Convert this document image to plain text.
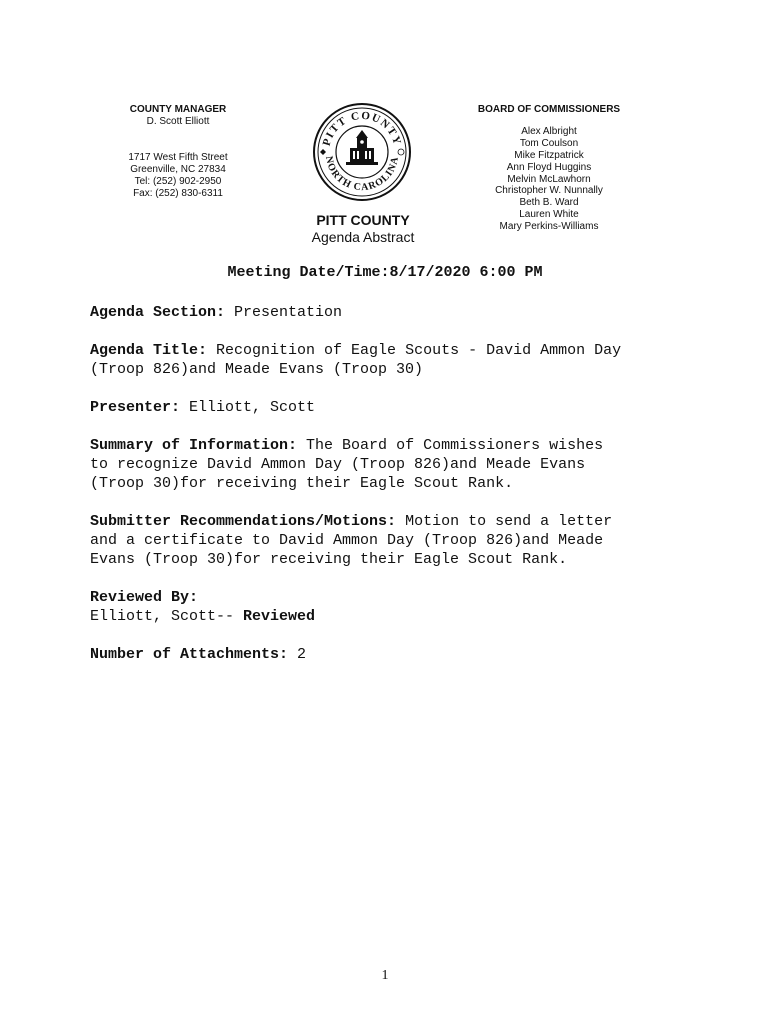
COUNTY MANAGER
D. Scott Elliott
1717 West Fifth Street
Greenville, NC 27834
Tel: (252) 902-2950
Fax: (252) 830-6311
PITT COUNTY
NORTH CAROLINA
PITT COUNTY
Agenda Abstract
BOARD OF COMMISSIONERS
Alex Albright
Tom Coulson
Mike Fitzpatrick
Ann Floyd Huggins
Melvin McLawhorn
Christopher W. Nunnally
Beth B. Ward
Lauren White
Mary Perkins-Williams
Meeting Date/Time:8/17/2020 6:00 PM
Agenda Section: Presentation
Agenda Title: Recognition of Eagle Scouts - David Ammon Day
(Troop 826)and Meade Evans (Troop 30)
Presenter: Elliott, Scott
Summary of Information: The Board of Commissioners wishes
to recognize David Ammon Day (Troop 826)and Meade Evans
(Troop 30)for receiving their Eagle Scout Rank.
Submitter Recommendations/Motions: Motion to send a letter
and a certificate to David Ammon Day (Troop 826)and Meade
Evans (Troop 30)for receiving their Eagle Scout Rank.
Reviewed By:
Elliott, Scott-- Reviewed
Number of Attachments: 2
1
